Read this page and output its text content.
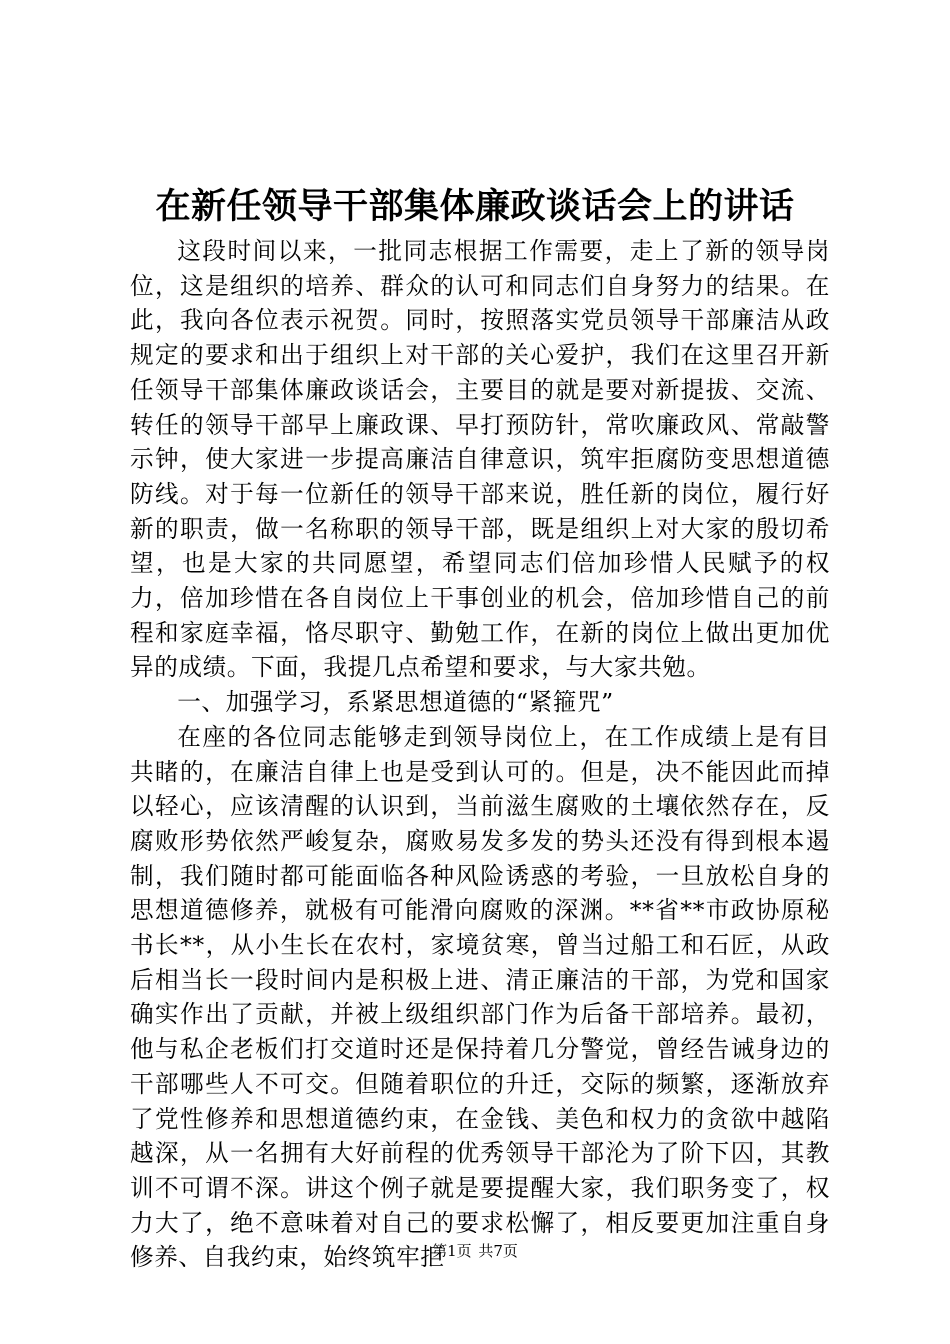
在新任领导干部集体廉政谈话会上的讲话

这段时间以来，一批同志根据工作需要，走上了新的领导岗位，这是组织的培养、群众的认可和同志们自身努力的结果。在此，我向各位表示祝贺。同时，按照落实党员领导干部廉洁从政规定的要求和出于组织上对干部的关心爱护，我们在这里召开新任领导干部集体廉政谈话会，主要目的就是要对新提拔、交流、转任的领导干部早上廉政课、早打预防针，常吹廉政风、常敲警示钟，使大家进一步提高廉洁自律意识，筑牢拒腐防变思想道德防线。对于每一位新任的领导干部来说，胜任新的岗位，履行好新的职责，做一名称职的领导干部，既是组织上对大家的殷切希望，也是大家的共同愿望，希望同志们倍加珍惜人民赋予的权力，倍加珍惜在各自岗位上干事创业的机会，倍加珍惜自己的前程和家庭幸福，恪尽职守、勤勉工作，在新的岗位上做出更加优异的成绩。下面，我提几点希望和要求，与大家共勉。

一、加强学习，系紧思想道德的“紧箍咒”

在座的各位同志能够走到领导岗位上，在工作成绩上是有目共睹的，在廉洁自律上也是受到认可的。但是，决不能因此而掉以轻心，应该清醒的认识到，当前滋生腐败的土壤依然存在，反腐败形势依然严峻复杂，腐败易发多发的势头还没有得到根本遏制，我们随时都可能面临各种风险诱惑的考验，一旦放松自身的思想道德修养，就极有可能滑向腐败的深渊。**省**市政协原秘书长**，从小生长在农村，家境贫寒，曾当过船工和石匠，从政后相当长一段时间内是积极上进、清正廉洁的干部，为党和国家确实作出了贡献，并被上级组织部门作为后备干部培养。最初，他与私企老板们打交道时还是保持着几分警觉，曾经告诫身边的干部哪些人不可交。但随着职位的升迁，交际的频繁，逐渐放弃了党性修养和思想道德约束，在金钱、美色和权力的贪欲中越陷越深，从一名拥有大好前程的优秀领导干部沦为了阶下囚，其教训不可谓不深。讲这个例子就是要提醒大家，我们职务变了，权力大了，绝不意味着对自己的要求松懈了，相反要更加注重自身修养、自我约束，始终筑牢拒

第1页 共7页
